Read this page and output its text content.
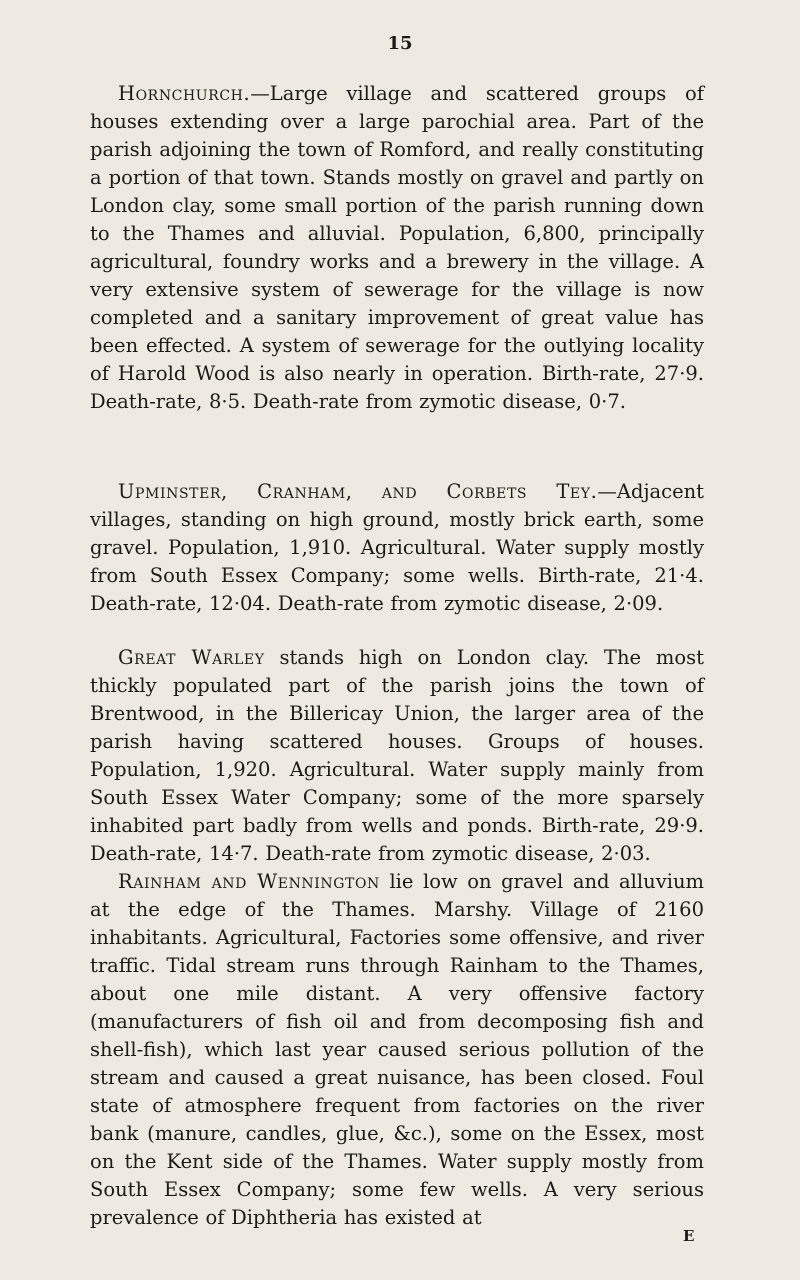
15

Hornchurch.—Large village and scattered groups of houses extending over a large parochial area. Part of the parish adjoining the town of Romford, and really constituting a portion of that town. Stands mostly on gravel and partly on London clay, some small portion of the parish running down to the Thames and alluvial. Population, 6,800, principally agricultural, foundry works and a brewery in the village. A very extensive system of sewerage for the village is now completed and a sanitary improvement of great value has been effected. A system of sewerage for the outlying locality of Harold Wood is also nearly in operation. Birth-rate, 27·9. Death-rate, 8·5. Death-rate from zymotic disease, 0·7.

Upminster, Cranham, and Corbets Tey.—Adjacent villages, standing on high ground, mostly brick earth, some gravel. Population, 1,910. Agricultural. Water supply mostly from South Essex Company; some wells. Birth-rate, 21·4. Death-rate, 12·04. Death-rate from zymotic disease, 2·09.

Great Warley stands high on London clay. The most thickly populated part of the parish joins the town of Brentwood, in the Billericay Union, the larger area of the parish having scattered houses. Groups of houses. Population, 1,920. Agricultural. Water supply mainly from South Essex Water Company; some of the more sparsely inhabited part badly from wells and ponds. Birth-rate, 29·9. Death-rate, 14·7. Death-rate from zymotic disease, 2·03.

Rainham and Wennington lie low on gravel and alluvium at the edge of the Thames. Marshy. Village of 2160 inhabitants. Agricultural, Factories some offensive, and river traffic. Tidal stream runs through Rainham to the Thames, about one mile distant. A very offensive factory (manufacturers of fish oil and from decomposing fish and shell-fish), which last year caused serious pollution of the stream and caused a great nuisance, has been closed. Foul state of atmosphere frequent from factories on the river bank (manure, candles, glue, &c.), some on the Essex, most on the Kent side of the Thames. Water supply mostly from South Essex Company; some few wells. A very serious prevalence of Diphtheria has existed at

E
